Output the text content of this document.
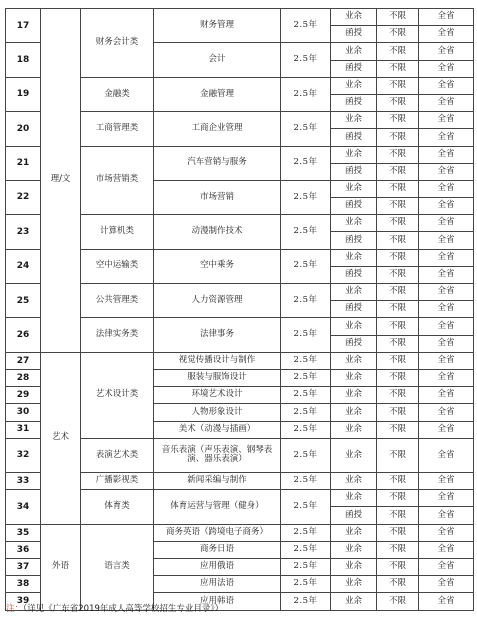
17	理/文	财务会计类	财务管理	2.5年	业余	不限	全省
					函授	不限	全省
18			会计	2.5年	业余	不限	全省
					函授	不限	全省
19		金融类	金融管理	2.5年	业余	不限	全省
					函授	不限	全省
20		工商管理类	工商企业管理	2.5年	业余	不限	全省
					函授	不限	全省
21		市场营销类	汽车营销与服务	2.5年	业余	不限	全省
					函授	不限	全省
22			市场营销	2.5年	业余	不限	全省
					函授	不限	全省
23		计算机类	动漫制作技术	2.5年	业余	不限	全省
					函授	不限	全省
24		空中运输类	空中乘务	2.5年	业余	不限	全省
					函授	不限	全省
25		公共管理类	人力资源管理	2.5年	业余	不限	全省
					函授	不限	全省
26		法律实务类	法律事务	2.5年	业余	不限	全省
					函授	不限	全省
27	艺术	艺术设计类	视觉传播设计与制作	2.5年	业余	不限	全省
28			服装与服饰设计	2.5年	业余	不限	全省
29			环境艺术设计	2.5年	业余	不限	全省
30			人物形象设计	2.5年	业余	不限	全省
31			美术（动漫与插画）	2.5年	业余	不限	全省
32		表演艺术类	音乐表演（声乐表演、钢琴表演、器乐表演）	2.5年	业余	不限	全省
33		广播影视类	新闻采编与制作	2.5年	业余	不限	全省
34		体育类	体育运营与管理（健身）	2.5年	业余	不限	全省
					函授	不限	全省
35	外语	语言类	商务英语（跨境电子商务）	2.5年	业余	不限	全省
36			商务日语	2.5年	业余	不限	全省
37			应用俄语	2.5年	业余	不限	全省
38			应用法语	2.5年	业余	不限	全省
39			应用韩语	2.5年	业余	不限	全省
注：（详见《广东省2019年成人高等学校招生专业目录》）
